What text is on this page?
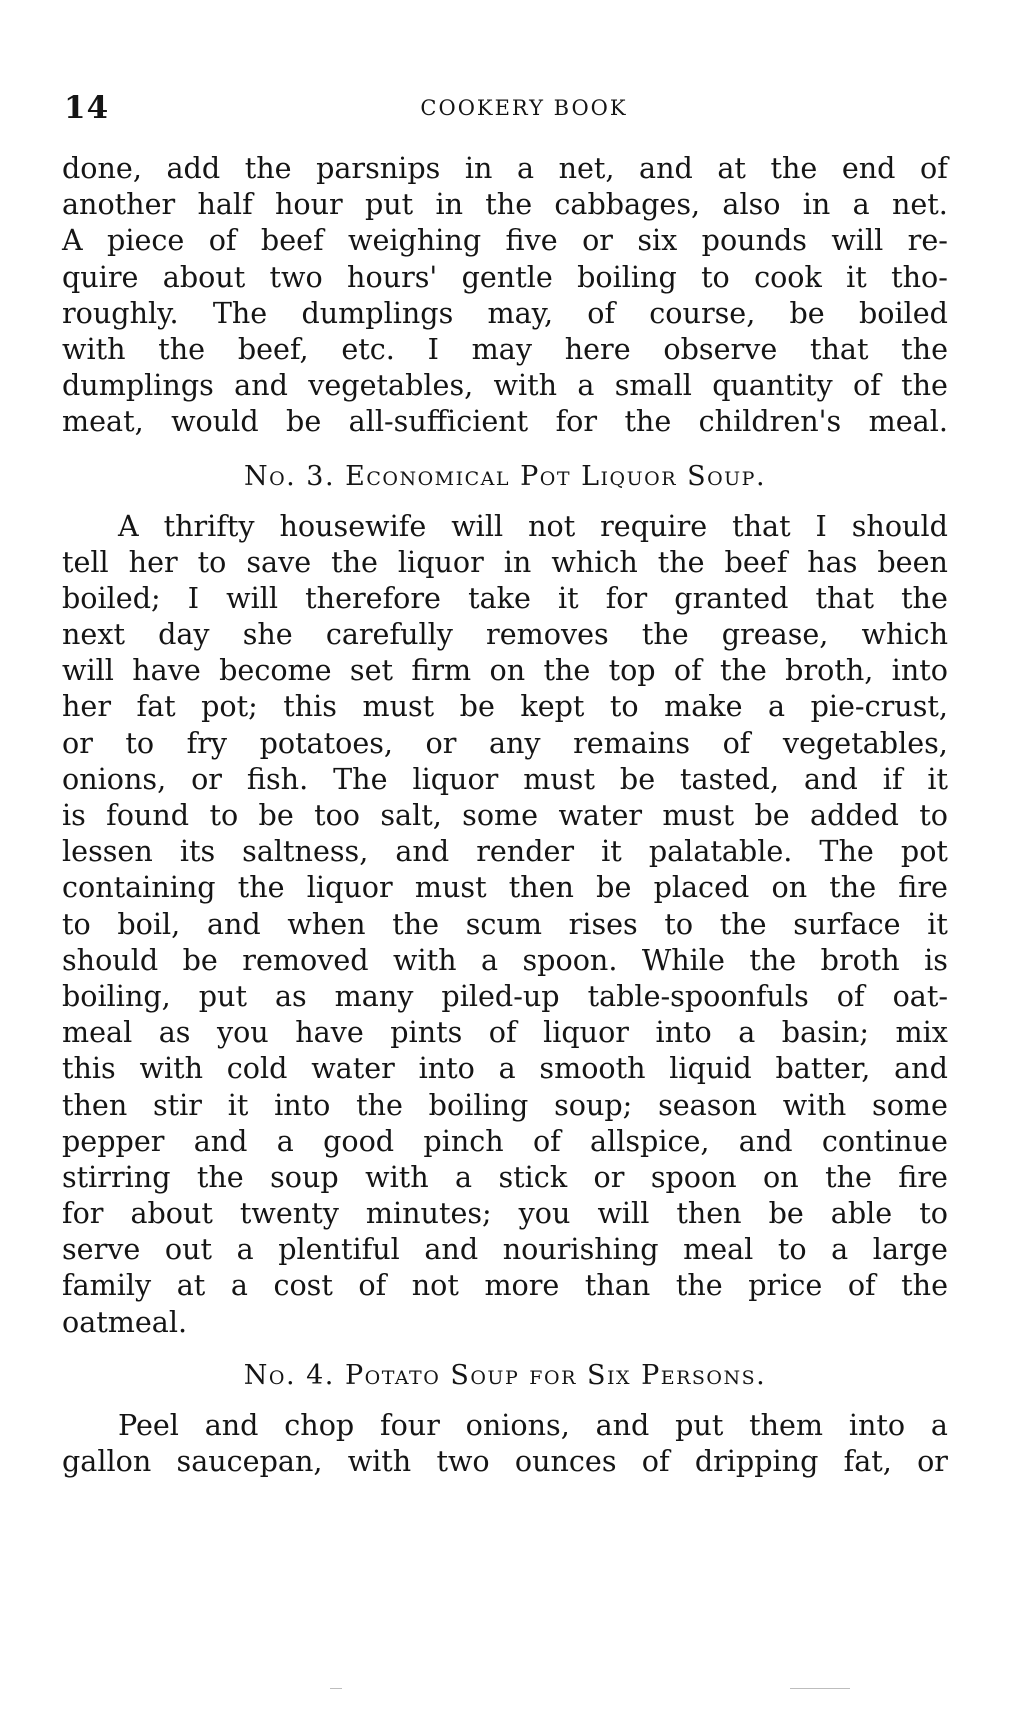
14	COOKERY BOOK
done, add the parsnips in a net, and at the end of
another half hour put in the cabbages, also in a net.
A piece of beef weighing five or six pounds will re-
quire about two hours' gentle boiling to cook it tho-
roughly. The dumplings may, of course, be boiled
with the beef, etc. I may here observe that the
dumplings and vegetables, with a small quantity of the
meat, would be all-sufficient for the children's meal.

No. 3. Economical Pot Liquor Soup.

A thrifty housewife will not require that I should
tell her to save the liquor in which the beef has been
boiled; I will therefore take it for granted that the
next day she carefully removes the grease, which
will have become set firm on the top of the broth, into
her fat pot; this must be kept to make a pie-crust,
or to fry potatoes, or any remains of vegetables,
onions, or fish. The liquor must be tasted, and if it
is found to be too salt, some water must be added to
lessen its saltness, and render it palatable. The pot
containing the liquor must then be placed on the fire
to boil, and when the scum rises to the surface it
should be removed with a spoon. While the broth is
boiling, put as many piled-up table-spoonfuls of oat-
meal as you have pints of liquor into a basin; mix
this with cold water into a smooth liquid batter, and
then stir it into the boiling soup; season with some
pepper and a good pinch of allspice, and continue
stirring the soup with a stick or spoon on the fire
for about twenty minutes; you will then be able to
serve out a plentiful and nourishing meal to a large
family at a cost of not more than the price of the
oatmeal.

No. 4. Potato Soup for Six Persons.

Peel and chop four onions, and put them into a
gallon saucepan, with two ounces of dripping fat, or
